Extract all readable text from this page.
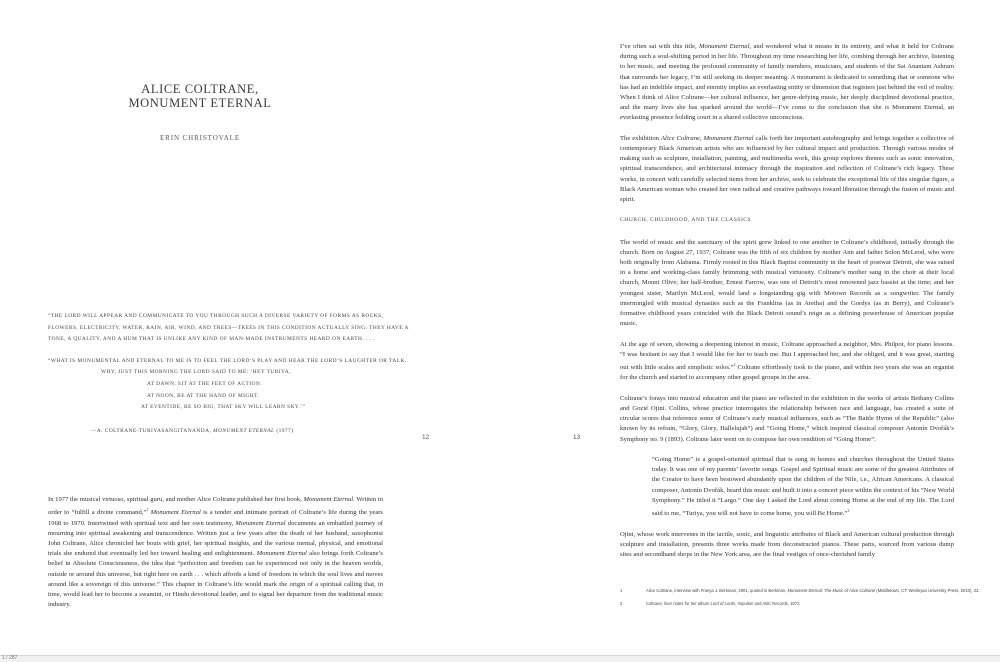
ALICE COLTRANE,
MONUMENT ETERNAL
ERIN CHRISTOVALE
“THE LORD WILL APPEAR AND COMMUNICATE TO YOU THROUGH SUCH A DIVERSE VARIETY OF FORMS AS ROCKS,
FLOWERS, ELECTRICITY, WATER, RAIN, AIR, WIND, AND TREES—TREES IN THIS CONDITION ACTUALLY SING. THEY HAVE A
TONE, A QUALITY, AND A HUM THAT IS UNLIKE ANY KIND OF MAN-MADE INSTRUMENTS HEARD ON EARTH. . . .
“WHAT IS MONUMENTAL AND ETERNAL TO ME IS TO FEEL THE LORD’S PLAY AND HEAR THE LORD’S LAUGHTER OR TALK.
WHY, JUST THIS MORNING THE LORD SAID TO ME: ‘HEY TURIYA,
AT DAWN, SIT AT THE FEET OF ACTION.
AT NOON, BE AT THE HAND OF MIGHT.
AT EVENTIDE, BE SO BIG, THAT SKY WILL LEARN SKY.’”
—A. COLTRANE-TURIYASANGITANANDA, MONUMENT ETERNAL (1977)
12

In 1977 the musical virtuoso, spiritual guru, and mother Alice Coltrane published her first book, Monument Eternal. Written in order to “fulfill a divine command,”$^1$ Monument Eternal is a tender and intimate portrait of Coltrane’s life during the years 1968 to 1970. Intertwined with spiritual text and her own testimony, Monument Eternal documents an embattled journey of mourning into spiritual awakening and transcendence. Written just a few years after the death of her husband, saxophonist John Coltrane, Alice chronicled her bouts with grief, her spiritual insights, and the various mental, physical, and emotional trials she endured that eventually led her toward healing and enlightenment. Monument Eternal also brings forth Coltrane’s belief in Absolute Consciousness, the idea that “perfection and freedom can be experienced not only in the heaven worlds, outside or around this universe, but right here on earth . . . which affords a kind of freedom in which the soul lives and moves around like a sovereign of this universe.” This chapter in Coltrane’s life would mark the origin of a spiritual calling that, in time, would lead her to become a swamini, or Hindu devotional leader, and to signal her departure from the traditional music industry.

13

I’ve often sat with this title, Monument Eternal, and wondered what it means in its entirety, and what it held for Coltrane during such a soul-shifting period in her life. Throughout my time researching her life, combing through her archive, listening to her music, and meeting the profound community of family members, musicians, and students of the Sai Anantam Ashram that surrounds her legacy, I’m still seeking its deeper meaning. A monument is dedicated to something that or someone who has had an indelible impact, and eternity implies an everlasting entity or dimension that registers just behind the veil of reality. When I think of Alice Coltrane—her cultural influence, her genre-defying music, her deeply disciplined devotional practice, and the many lives she has sparked around the world—I’ve come to the conclusion that she is Monument Eternal, an everlasting presence holding court in a shared collective unconscious.

The exhibition Alice Coltrane, Monument Eternal calls forth her important autobiography and brings together a collective of contemporary Black American artists who are influenced by her cultural impact and production. Through various modes of making such as sculpture, installation, painting, and multimedia work, this group explores themes such as sonic innovation, spiritual transcendence, and architectural intimacy through the inspiration and reflection of Coltrane’s rich legacy. These works, in concert with carefully selected items from her archive, seek to celebrate the exceptional life of this singular figure, a Black American woman who created her own radical and creative pathways toward liberation through the fusion of music and spirit.

CHURCH, CHILDHOOD, AND THE CLASSICS

The world of music and the sanctuary of the spirit grew linked to one another in Coltrane’s childhood, initially through the church. Born on August 27, 1937, Coltrane was the fifth of six children by mother Ann and father Solon McLeod, who were both originally from Alabama. Firmly rooted in this Black Baptist community in the heart of postwar Detroit, she was raised in a home and working-class family brimming with musical virtuosity. Coltrane’s mother sang in the choir at their local church, Mount Olive; her half-brother, Ernest Farrow, was one of Detroit’s most renowned jazz bassist at the time; and her youngest sister, Marilyn McLeod, would land a longstanding gig with Motown Records as a songwriter. The family intermingled with musical dynasties such as the Franklins (as in Aretha) and the Gordys (as in Berry), and Coltrane’s formative childhood years coincided with the Black Detroit sound’s reign as a defining powerhouse of American popular music.

At the age of seven, showing a deepening interest in music, Coltrane approached a neighbor, Mrs. Philpot, for piano lessons. “I was hesitant to say that I would like for her to teach me. But I approached her, and she obliged, and it was great, starting out with little scales and simplistic solos.”$^2$ Coltrane effortlessly took to the piano, and within two years she was an organist for the church and started to accompany other gospel groups in the area.

Coltrane’s forays into musical education and the piano are reflected in the exhibition in the works of artists Bethany Collins and Gozié Ojini. Collins, whose practice interrogates the relationship between race and language, has created a suite of circular scores that reference some of Coltrane’s early musical influences, such as “The Battle Hymn of the Republic” (also known by its refrain, “Glory, Glory, Hallelujah”) and “Going Home,” which inspired classical composer Antonín Dvořák’s Symphony no. 9 (1893). Coltrane later went on to compose her own rendition of “Going Home”:

“Going Home” is a gospel-oriented spiritual that is sung in homes and churches throughout the United States today. It was one of my parents’ favorite songs. Gospel and Spiritual music are some of the greatest Attributes of the Creator to have been bestowed abundantly upon the children of the Nile, i.e., African Americans. A classical composer, Antonín Dvořák, heard this music and built it into a concert piece within the context of his “New World Symphony.” He titled it “Largo.” One day I asked the Lord about coming Home at the end of my life. The Lord said to me, “Turiya, you will not have to come home, you will Be Home.”$^3$

Ojini, whose work intervenes in the tactile, sonic, and linguistic attributes of Black and American cultural production through sculpture and installation, presents three works made from deconstructed pianos. These parts, sourced from various dump sites and secondhand shops in the New York area, are the final vestiges of once-cherished family

1	Alice Coltrane, interview with Franya J. Berkman, 2001, quoted in Berkman, Monument Eternal: The Music of Alice Coltrane (Middletown, CT: Wesleyan University Press, 2010), 23.
2	Coltrane, liner notes for her album Lord of Lords, Impulse! and ABC Records, 1972.
1 / 287
